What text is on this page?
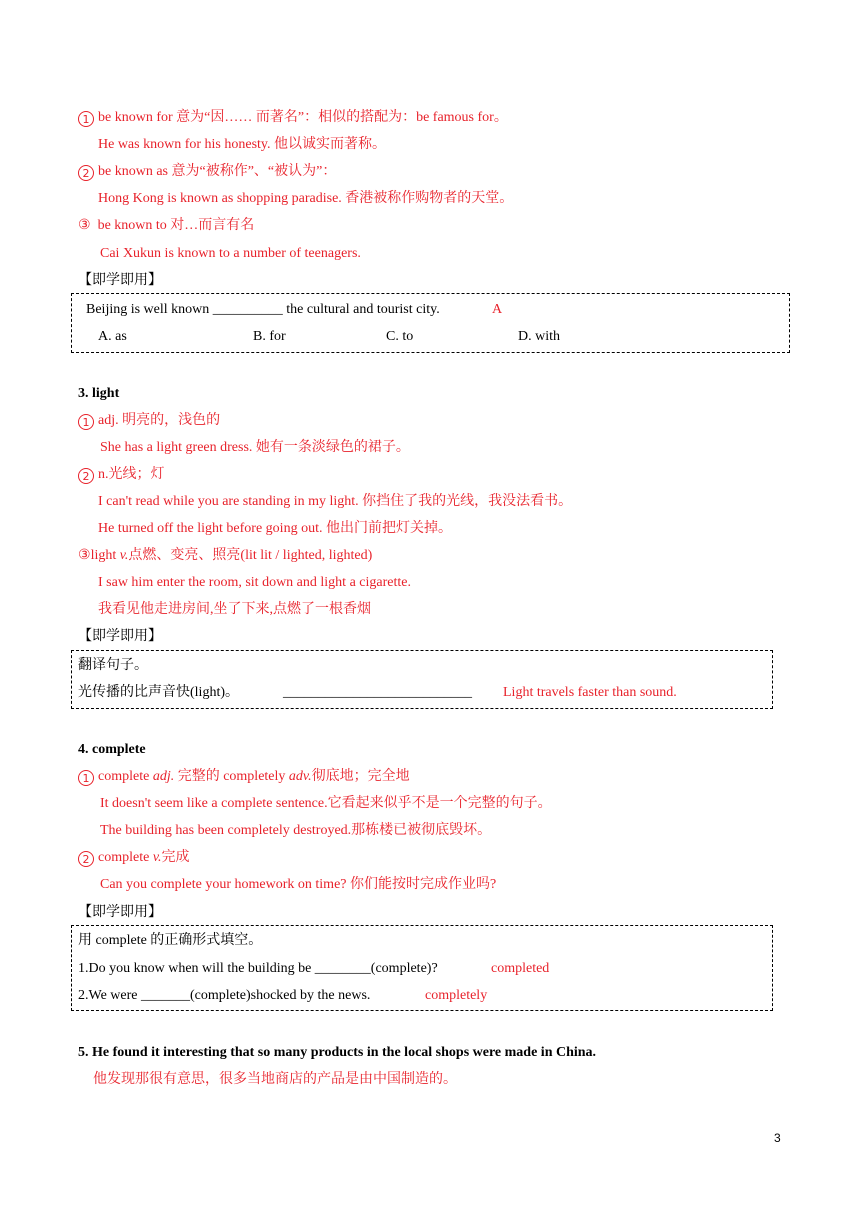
1 be known for 意为“因…… 而著名”：相似的搭配为：be famous for。
He was known for his honesty. 他以诚实而著称。
2 be known as 意为“被称作”、“被认为”：
Hong Kong is known as shopping paradise. 香港被称作购物者的天堂。
③ be known to 对…而言有名
Cai Xukun is known to a number of teenagers.
【即学即用】
Beijing is well known __________ the cultural and tourist city.	A
A. as	B. for	C. to	D. with
3. light
1 adj. 明亮的，浅色的
She has a light green dress. 她有一条淡绿色的裙子。
2 n.光线；灯
I can't read while you are standing in my light. 你挡住了我的光线，我没法看书。
He turned off the light before going out. 他出门前把灯关掉。
③light v.点燃、变亮、照亮(lit lit / lighted, lighted)
I saw him enter the room, sit down and light a cigarette.
我看见他走进房间,坐了下来,点燃了一根香烟
【即学即用】
翻译句子。
光传播的比声音快(light)。	___________________________ Light travels faster than sound.
4. complete
1 complete adj. 完整的 completely adv.彻底地；完全地
It doesn't seem like a complete sentence.它看起来似乎不是一个完整的句子。
The building has been completely destroyed.那栋楼已被彻底毁坏。
2 complete v.完成
Can you complete your homework on time? 你们能按时完成作业吗?
【即学即用】
用 complete 的正确形式填空。
1.Do you know when will the building be ________(complete)?	completed
2.We were _______(complete)shocked by the news.	completely
5. He found it interesting that so many products in the local shops were made in China.
他发现那很有意思，很多当地商店的产品是由中国制造的。
3
